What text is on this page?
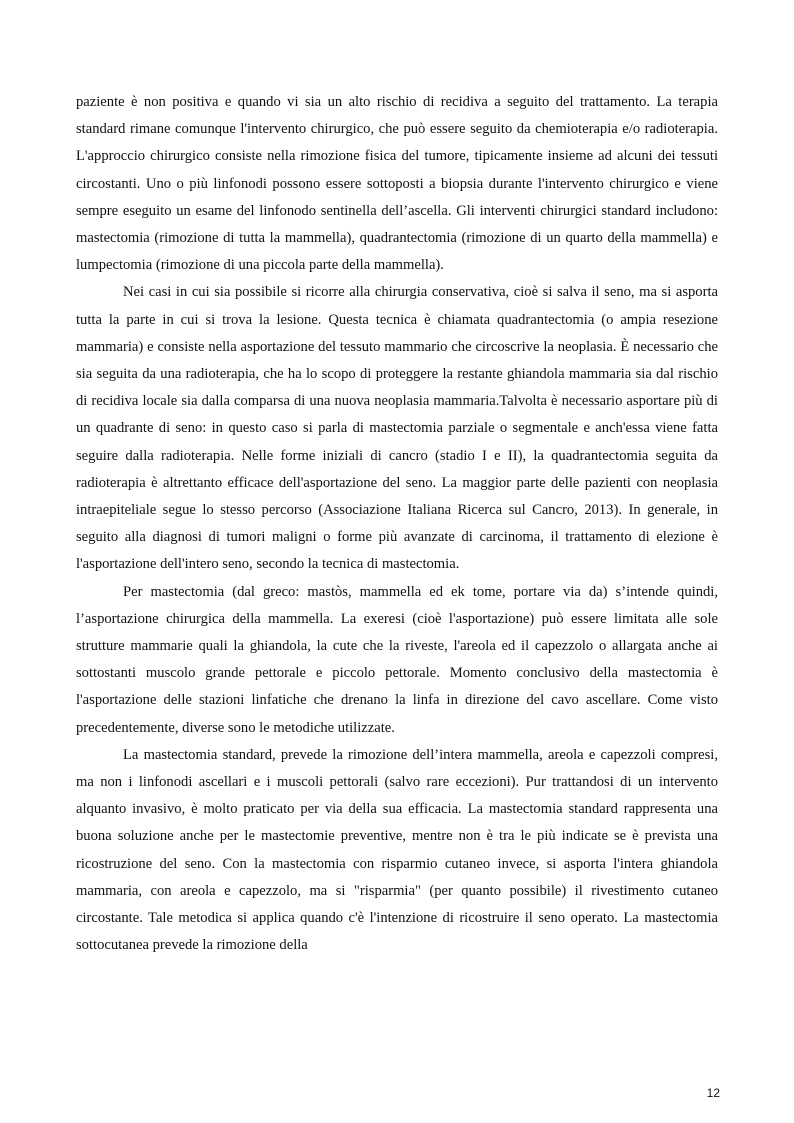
paziente è non positiva e quando vi sia un alto rischio di recidiva a seguito del trattamento. La terapia standard rimane comunque l'intervento chirurgico, che può essere seguito da chemioterapia e/o radioterapia. L'approccio chirurgico consiste nella rimozione fisica del tumore, tipicamente insieme ad alcuni dei tessuti circostanti. Uno o più linfonodi possono essere sottoposti a biopsia durante l'intervento chirurgico e viene sempre eseguito un esame del linfonodo sentinella dell’ascella. Gli interventi chirurgici standard includono: mastectomia (rimozione di tutta la mammella), quadrantectomia (rimozione di un quarto della mammella) e lumpectomia (rimozione di una piccola parte della mammella).

Nei casi in cui sia possibile si ricorre alla chirurgia conservativa, cioè si salva il seno, ma si asporta tutta la parte in cui si trova la lesione. Questa tecnica è chiamata quadrantectomia (o ampia resezione mammaria) e consiste nella asportazione del tessuto mammario che circoscrive la neoplasia. È necessario che sia seguita da una radioterapia, che ha lo scopo di proteggere la restante ghiandola mammaria sia dal rischio di recidiva locale sia dalla comparsa di una nuova neoplasia mammaria.Talvolta è necessario asportare più di un quadrante di seno: in questo caso si parla di mastectomia parziale o segmentale e anch'essa viene fatta seguire dalla radioterapia. Nelle forme iniziali di cancro (stadio I e II), la quadrantectomia seguita da radioterapia è altrettanto efficace dell'asportazione del seno. La maggior parte delle pazienti con neoplasia intraepiteliale segue lo stesso percorso (Associazione Italiana Ricerca sul Cancro, 2013). In generale, in seguito alla diagnosi di tumori maligni o forme più avanzate di carcinoma, il trattamento di elezione è l'asportazione dell'intero seno, secondo la tecnica di mastectomia.

Per mastectomia (dal greco: mastòs, mammella ed ek tome, portare via da) s’intende quindi, l’asportazione chirurgica della mammella. La exeresi (cioè l'asportazione) può essere limitata alle sole strutture mammarie quali la ghiandola, la cute che la riveste, l'areola ed il capezzolo o allargata anche ai sottostanti muscolo grande pettorale e piccolo pettorale. Momento conclusivo della mastectomia è l'asportazione delle stazioni linfatiche che drenano la linfa in direzione del cavo ascellare. Come visto precedentemente, diverse sono le metodiche utilizzate.

La mastectomia standard, prevede la rimozione dell’intera mammella, areola e capezzoli compresi, ma non i linfonodi ascellari e i muscoli pettorali (salvo rare eccezioni). Pur trattandosi di un intervento alquanto invasivo, è molto praticato per via della sua efficacia. La mastectomia standard rappresenta una buona soluzione anche per le mastectomie preventive, mentre non è tra le più indicate se è prevista una ricostruzione del seno. Con la mastectomia con risparmio cutaneo invece, si asporta l'intera ghiandola mammaria, con areola e capezzolo, ma si "risparmia" (per quanto possibile) il rivestimento cutaneo circostante. Tale metodica si applica quando c'è l'intenzione di ricostruire il seno operato. La mastectomia sottocutanea prevede la rimozione della

12
